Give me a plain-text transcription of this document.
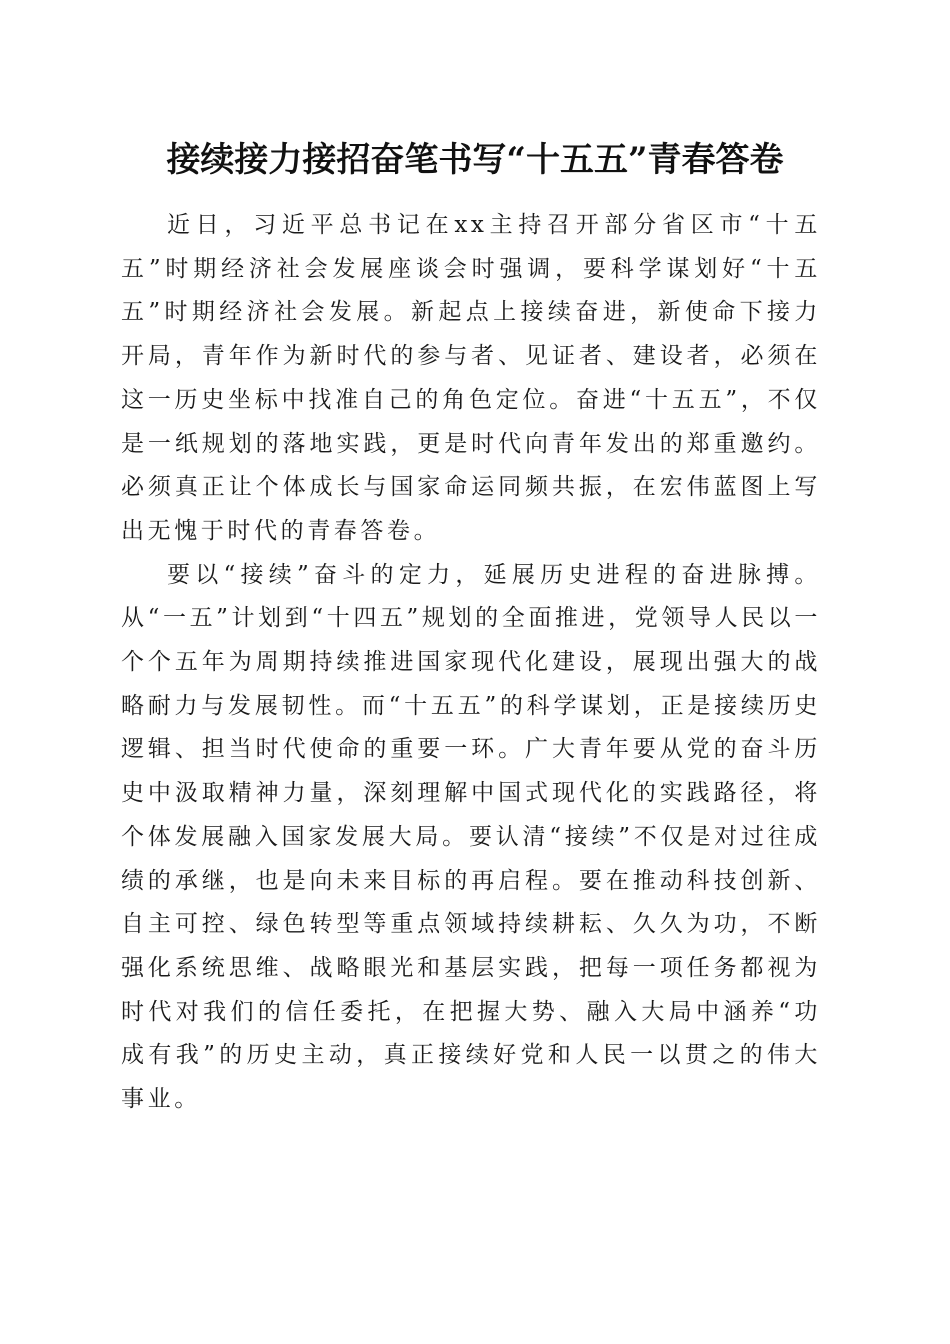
接续接力接招奋笔书写“十五五”青春答卷

近日，习近平总书记在xx主持召开部分省区市“十五五”时期经济社会发展座谈会时强调，要科学谋划好“十五五”时期经济社会发展。新起点上接续奋进，新使命下接力开局，青年作为新时代的参与者、见证者、建设者，必须在这一历史坐标中找准自己的角色定位。奋进“十五五”，不仅是一纸规划的落地实践，更是时代向青年发出的郑重邀约。必须真正让个体成长与国家命运同频共振，在宏伟蓝图上写出无愧于时代的青春答卷。

要以“接续”奋斗的定力，延展历史进程的奋进脉搏。从“一五”计划到“十四五”规划的全面推进，党领导人民以一个个五年为周期持续推进国家现代化建设，展现出强大的战略耐力与发展韧性。而“十五五”的科学谋划，正是接续历史逻辑、担当时代使命的重要一环。广大青年要从党的奋斗历史中汲取精神力量，深刻理解中国式现代化的实践路径，将个体发展融入国家发展大局。要认清“接续”不仅是对过往成绩的承继，也是向未来目标的再启程。要在推动科技创新、自主可控、绿色转型等重点领域持续耕耘、久久为功，不断强化系统思维、战略眼光和基层实践，把每一项任务都视为时代对我们的信任委托，在把握大势、融入大局中涵养“功成有我”的历史主动，真正接续好党和人民一以贯之的伟大事业。
